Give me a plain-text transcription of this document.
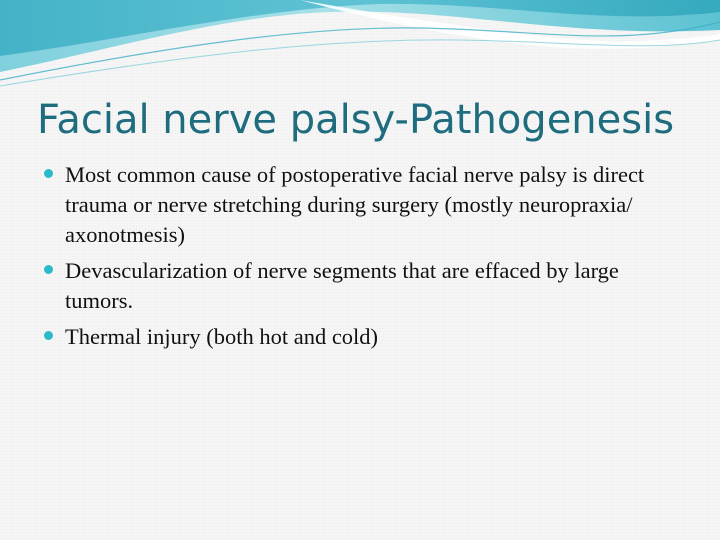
Facial nerve palsy-Pathogenesis
Most common cause of postoperative facial nerve palsy is direct trauma or nerve stretching during surgery (mostly neuropraxia/ axonotmesis)
Devascularization of nerve segments that are effaced by large tumors.
Thermal injury (both hot and cold)
